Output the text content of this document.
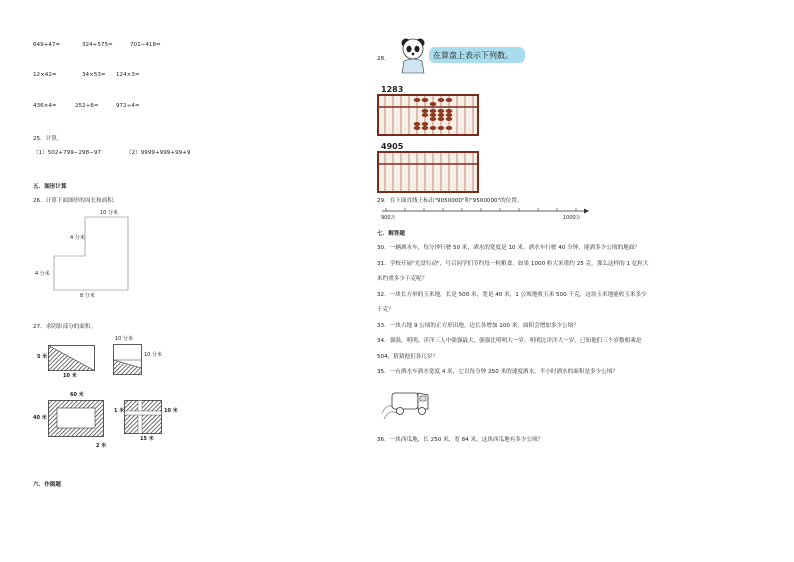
649+47=	324+575=	701−418=
12×42=	34×53= 124×3=
436×4=	252÷6=	972÷4=
25．计算。
（1）502+799−298−97	（2）9999+999+99+9
五．图形计算
26．计算下面图形的周长和面积.
10 分米
4 分米
4 分米
8 分米
27．求阴影部分的面积。
5 米
10 米
10 分米
10 分米
60 米
40 米
2 米
1 米	10 米
15 米
六．作图题
28.	在算盘上表示下列数。
1283
4905
29．在下面直线上标出"9050000"和"9500000"的位置。
900万	1000万
七．解答题
30．一辆洒水车，每分钟行驶 50 米，洒水的宽度是 10 米。洒水车行驶 40 分钟，能洒多少公顷的地面？
31．学校开展"光盘行动"，号召同学们节约每一粒粮食。如果 1000 粒大米重约 25 克，那么这样的 1 亿粒大
米约重多少千克呢？
32．一块长方形的玉米地，长是 500 米，宽是 40 米，1 公顷地收玉米 500 千克，这块玉米地能收玉米多少
千克？
33．一块占地 9 公顷的正方形田地，边长各增加 100 米，面积会增加多少公顷？
34．强强，明明，洋洋三人中强强最大，强强比明明大一岁，明明比洋洋大一岁，已知他们三个岁数相乘是
504，猜猜他们各几岁？
35．一台洒水车洒水宽度 4 米，它以每分钟 250 米的速度洒水，半小时洒水的面积是多少公顷？
36．一块西瓜地，长 250 米，宽 84 米，这块西瓜地有多少公顷？
